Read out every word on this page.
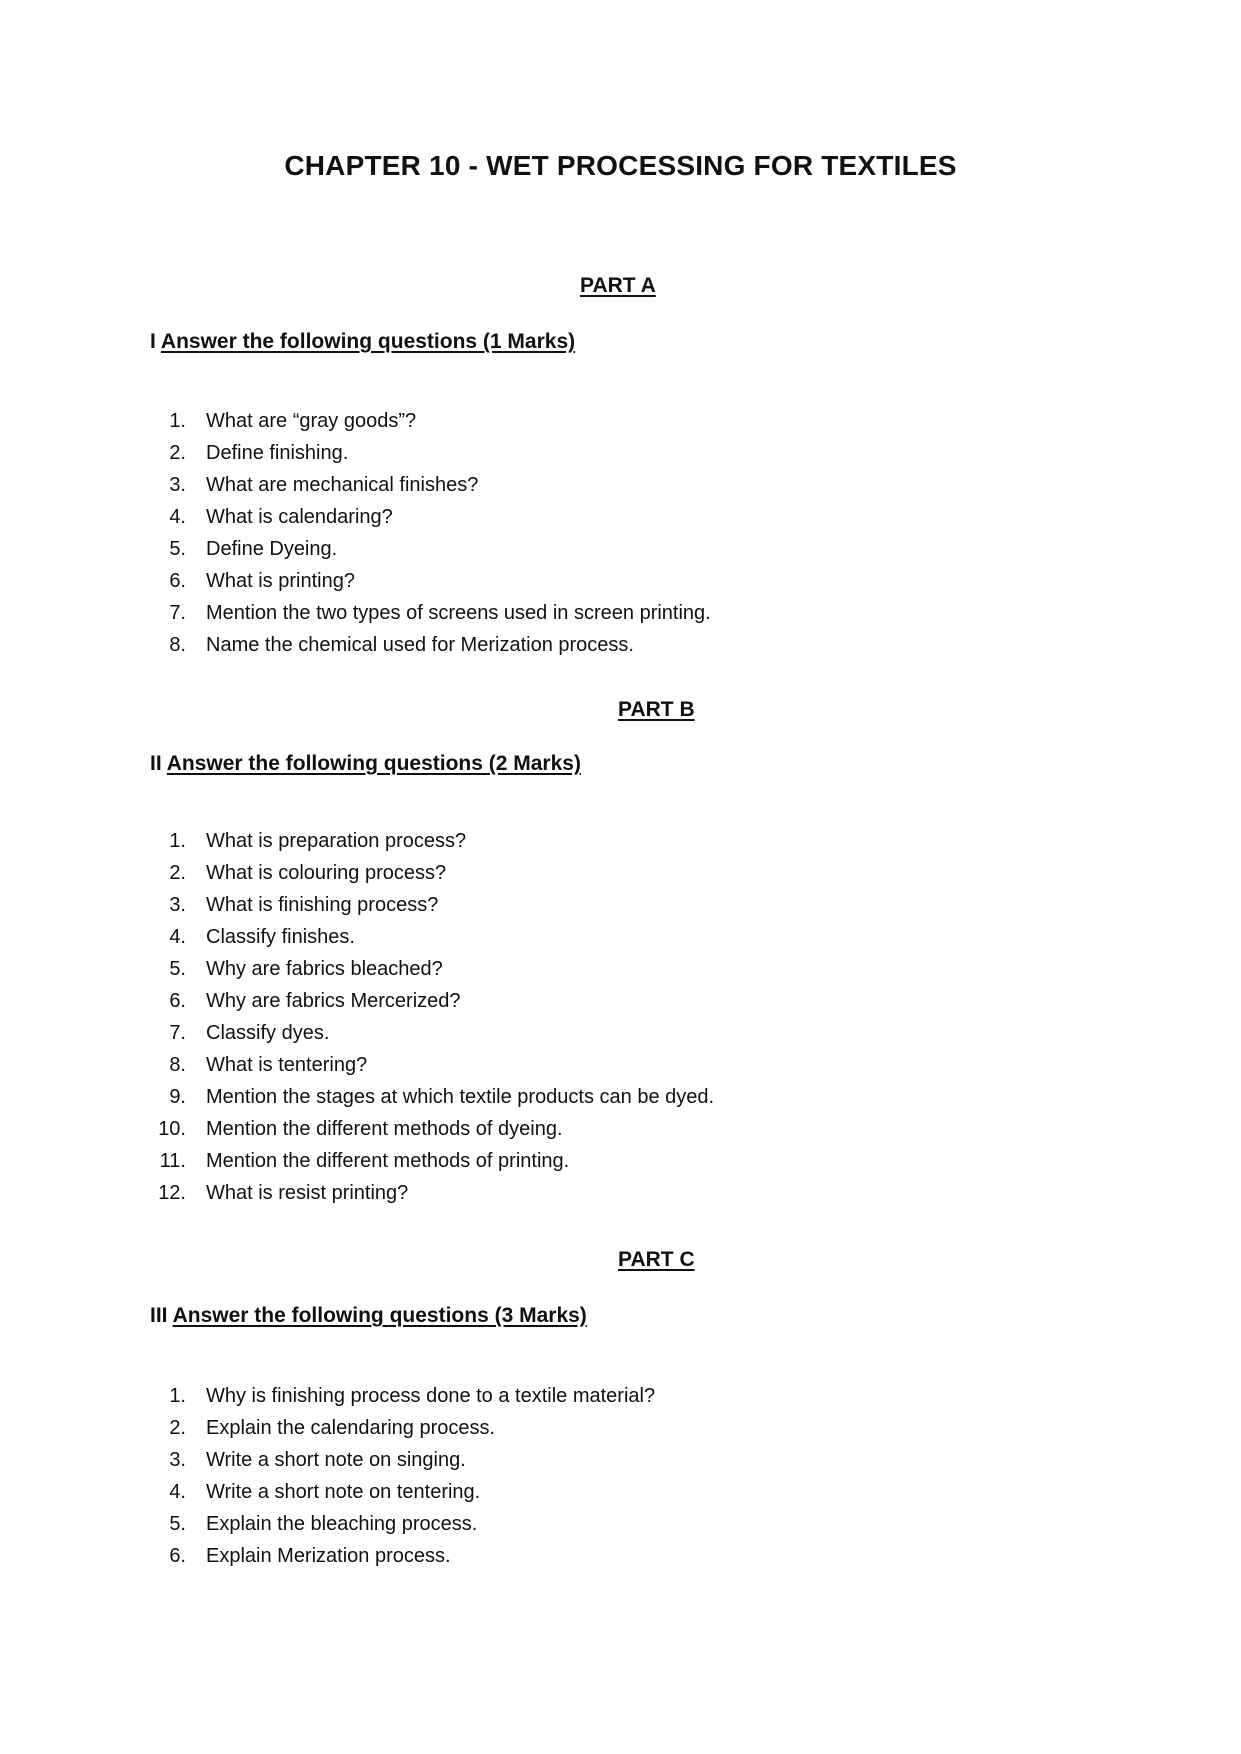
CHAPTER 10 - WET PROCESSING FOR TEXTILES
PART A

I Answer the following questions (1 Marks)

1. What are “gray goods”?
2. Define finishing.
3. What are mechanical finishes?
4. What is calendaring?
5. Define Dyeing.
6. What is printing?
7. Mention the two types of screens used in screen printing.
8. Name the chemical used for Merization process.
PART B

II Answer the following questions (2 Marks)

1. What is preparation process?
2. What is colouring process?
3. What is finishing process?
4. Classify finishes.
5. Why are fabrics bleached?
6. Why are fabrics Mercerized?
7. Classify dyes.
8. What is tentering?
9. Mention the stages at which textile products can be dyed.
10. Mention the different methods of dyeing.
11. Mention the different methods of printing.
12. What is resist printing?
PART C

III Answer the following questions (3 Marks)

1. Why is finishing process done to a textile material?
2. Explain the calendaring process.
3. Write a short note on singing.
4. Write a short note on tentering.
5. Explain the bleaching process.
6. Explain Merization process.
